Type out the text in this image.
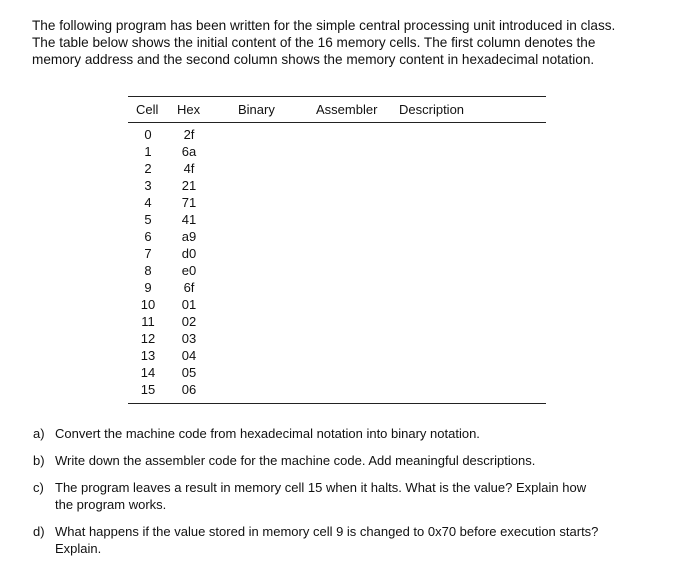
The following program has been written for the simple central processing unit introduced in class.
The table below shows the initial content of the 16 memory cells. The first column denotes the
memory address and the second column shows the memory content in hexadecimal notation.
Cell Hex	Binary	Assembler Description
0	2f
1	6a
2	4f
3	21
4	71
5	41
6	a9
7	d0
8	e0
9	6f
10	01
11	02
12	03
13	04
14	05
15	06
a) Convert the machine code from hexadecimal notation into binary notation.
b) Write down the assembler code for the machine code. Add meaningful descriptions.
c) The program leaves a result in memory cell 15 when it halts. What is the value? Explain how
the program works.
d) What happens if the value stored in memory cell 9 is changed to 0x70 before execution starts?
Explain.
